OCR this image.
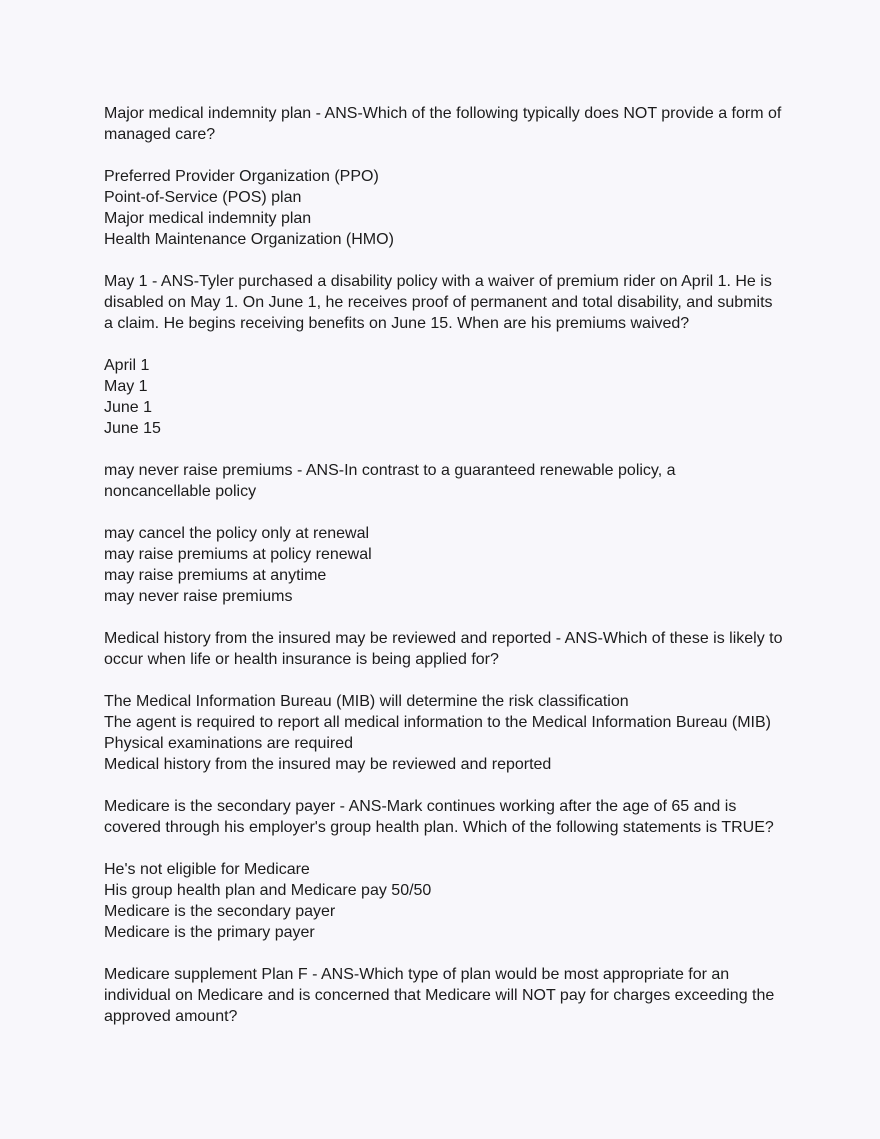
Major medical indemnity plan - ANS-Which of the following typically does NOT provide a form of
managed care?
Preferred Provider Organization (PPO)
Point-of-Service (POS) plan
Major medical indemnity plan
Health Maintenance Organization (HMO)
May 1 - ANS-Tyler purchased a disability policy with a waiver of premium rider on April 1. He is
disabled on May 1. On June 1, he receives proof of permanent and total disability, and submits
a claim. He begins receiving benefits on June 15. When are his premiums waived?
April 1
May 1
June 1
June 15
may never raise premiums - ANS-In contrast to a guaranteed renewable policy, a
noncancellable policy
may cancel the policy only at renewal
may raise premiums at policy renewal
may raise premiums at anytime
may never raise premiums
Medical history from the insured may be reviewed and reported - ANS-Which of these is likely to
occur when life or health insurance is being applied for?
The Medical Information Bureau (MIB) will determine the risk classification
The agent is required to report all medical information to the Medical Information Bureau (MIB)
Physical examinations are required
Medical history from the insured may be reviewed and reported
Medicare is the secondary payer - ANS-Mark continues working after the age of 65 and is
covered through his employer's group health plan. Which of the following statements is TRUE?
He's not eligible for Medicare
His group health plan and Medicare pay 50/50
Medicare is the secondary payer
Medicare is the primary payer
Medicare supplement Plan F - ANS-Which type of plan would be most appropriate for an
individual on Medicare and is concerned that Medicare will NOT pay for charges exceeding the
approved amount?
